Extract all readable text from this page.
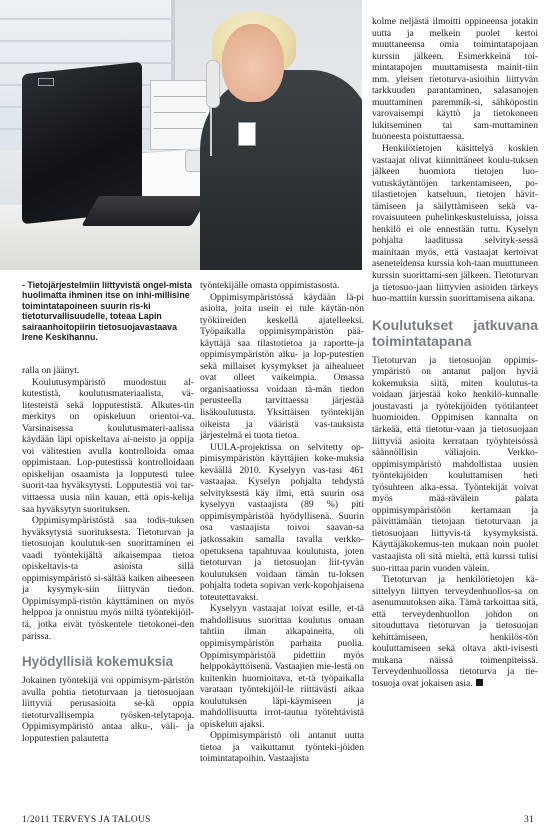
- Tietojärjestelmiin liittyvistä ongel-mista huolimatta ihminen itse on inhi-millisine toimintatapoineen suurin ris-ki tietoturvallisuudelle, toteaa Lapin sairaanhoitopiirin tietosuojavastaava Irene Keskihannu.

ralla on jäänyt.

Koulutusympäristö muodostuu al-kutestistä, koulutusmateriaalista, vä-litesteistä sekä lopputestistä. Alkutes-tin merkitys on opiskeluun orientoi-va. Varsinaisessa koulutusmateri-aalissa käydään läpi opiskeltava ai-neisto ja oppija voi välitestien avulla kontrolloida omaa oppimistaan. Lop-putestissä kontrolloidaan opiskelijan osaamista ja lopputesti tulee suorit-taa hyväksytysti. Lopputestiä voi tar-vittaessa uusia niin kauan, että opis-kelija saa hyväksytyn suorituksen.

Oppimisympäristöstä saa todis-tuksen hyväksytystä suorituksesta. Tietoturvan ja tietosuojan koulutuk-sen suorittaminen ei vaadi työntekijältä aikaisempaa tietoa opiskeltavis-ta asioista sillä oppimisympäristö si-sältää kaiken aiheeseen ja kysymyk-siin liittyvän tiedon. Oppimisympä-ristön käyttäminen on myös helppoa ja onnistuu myös niiltä työntekijöil-tä, jotka eivät työskentele tietokonei-den parissa.

Hyödyllisiä kokemuksia

Jokainen työntekijä voi oppimisym-päristön avulla pohtia tietoturvaan ja tietosuojaan liittyviä perusasioita se-kä oppia tietoturvallisempia työsken-telytapoja. Oppimisympäristö antaa alku-, väli- ja lopputestien palautetta

työntekijälle omasta oppimistasosta.

Oppimisympäristössä käydään lä-pi asioita, joita usein ei tule käytän-nön työkiireiden keskellä ajatelleeksi. Työpaikalla oppimisympäristön pää-käyttäjä saa tilastotietoa ja raportte-ja oppimisympäristön alku- ja lop-putestien sekä millaiset kysymykset ja aihealueet ovat olleet vaikeimpia. Omassa organisaatiossa voidaan tä-män tiedon perusteella tarvittaessa järjestää lisäkoulutusta. Yksittäisen työntekijän oikeista ja vääristä vas-tauksista järjestelmä ei tuota tietoa.

UULA-projektissa on selvitetty op-pimisympäristön käyttäjien koke-muksia keväällä 2010. Kyselyyn vas-tasi 461 vastaajaa. Kyselyn pohjalta tehdystä selvityksestä käy ilmi, että suurin osa kyselyyn vastaajista (89 %) piti oppimisympäristöä hyödyllisenä. Suurin osa vastaajista toivoi saavan-sa jatkossakin samalla tavalla verkko-opetuksena tapahtuvaa koulutusta, joten tietoturvan ja tietosuojan liit-tyvän koulutuksen voidaan tämän tu-loksen pohjalta todeta sopivan verk-kopohjaisena toteutettavaksi.

Kyselyyn vastaajat toivat esille, et-tä mahdollisuus suorittaa koulutus omaan tahtiin ilman aikapaineita, oli oppimisympäristön parhaita puolia. Oppimisympäristöä pidettiin myös helppokäyttöisenä. Vastaajien mie-lestä on kuitenkin huomioitava, et-tä työpaikalla varataan työntekijöil-le riittävästi aikaa koulutuksen läpi-käymiseen ja mahdollisuutta irrot-tautua työtehtävistä opiskelun ajaksi.

Oppimisympäristö oli antanut uutta tietoa ja vaikuttanut työnteki-jöiden toimintatapoihin. Vastaajista

kolme neljästä ilmoitti oppineensa jotakin uutta ja melkein puolet kertoi muuttaneensa omia toimintatapojaan kurssin jälkeen. Esimerkkeinä toi-mintatapojen muuttamisesta mainit-tiin mm. yleisen tietoturva-asioihin liittyvän tarkkuuden parantaminen, salasanojen muuttaminen paremmik-si, sähköpostin varovaisempi käyttö ja tietokoneen lukitseminen tai sam-muttaminen huoneesta poistuttaessa.

Henkilötietojen käsittelyä koskien vastaajat olivat kiinnittäneet koulu-tuksen jälkeen huomiota tietojen luo-vutuskäytäntöjen tarkentamiseen, po-tilastietojen katseluun, tietojen hävit-tämiseen ja säilyttämiseen sekä va-rovaisuuteen puhelinkeskusteluissa, joissa henkilö ei ole ennestään tuttu. Kyselyn pohjalta laaditussa selvityk-sessä mainitaan myös, että vastaajat kertoivat aseneteidensa kurssia koh-taan muuttuneen kurssin suorittami-sen jälkeen. Tietoturvan ja tietosuo-jaan liittyvien asioiden tärkeys huo-mattiin kurssin suorittamisena aikana.

Koulutukset jatkuvana toimintatapana

Tietoturvan ja tietosuojan oppimis-ympäristö on antanut paljon hyviä kokemuksia siitä, miten koulutus-ta voidaan järjestää koko henkilö-kunnalle joustavasti ja työtekijöiden työtilanteet huomioiden. Oppimisen kannalta on tärkeää, että tietotur-vaan ja tietosuojaan liittyviä asioita kerrataan työyhteisössä säännöllisin väliajoin. Verkko-oppimisympäristö mahdollistaa uusien työntekijöiden kouluttamisen heti työsuhteen alka-essa. Työntekijät voivat myös mää-rävälein palata oppimisympäristöön kertamaan ja päivittämään tietojaan tietoturvaan ja tietosuojaan liittyvis-tä kysymyksistä. Käyttäjäkokemus-ten mukaan noin puolet vastaajista oli sitä mieltä, että kurssi tulisi suo-rittaa parin vuoden välein.

Tietoturvan ja henkilötietojen kä-sittelyyn liittyen terveydenhuollos-sa on asenumuutoksen aika. Tämä tarkoittaa sitä, että terveydenhuollon johdon on sitouduttava tietoturvan ja tietosuojan kehittämiseen, henkilös-tön kouluttamiseen sekä oltava akti-ivisesti mukana näissä toimenpiteissä. Terveydenhuollossa tietoturva ja tie-tosuoja ovat jokaisen asia.

1/2011 TERVEYS JA TALOUS	31
